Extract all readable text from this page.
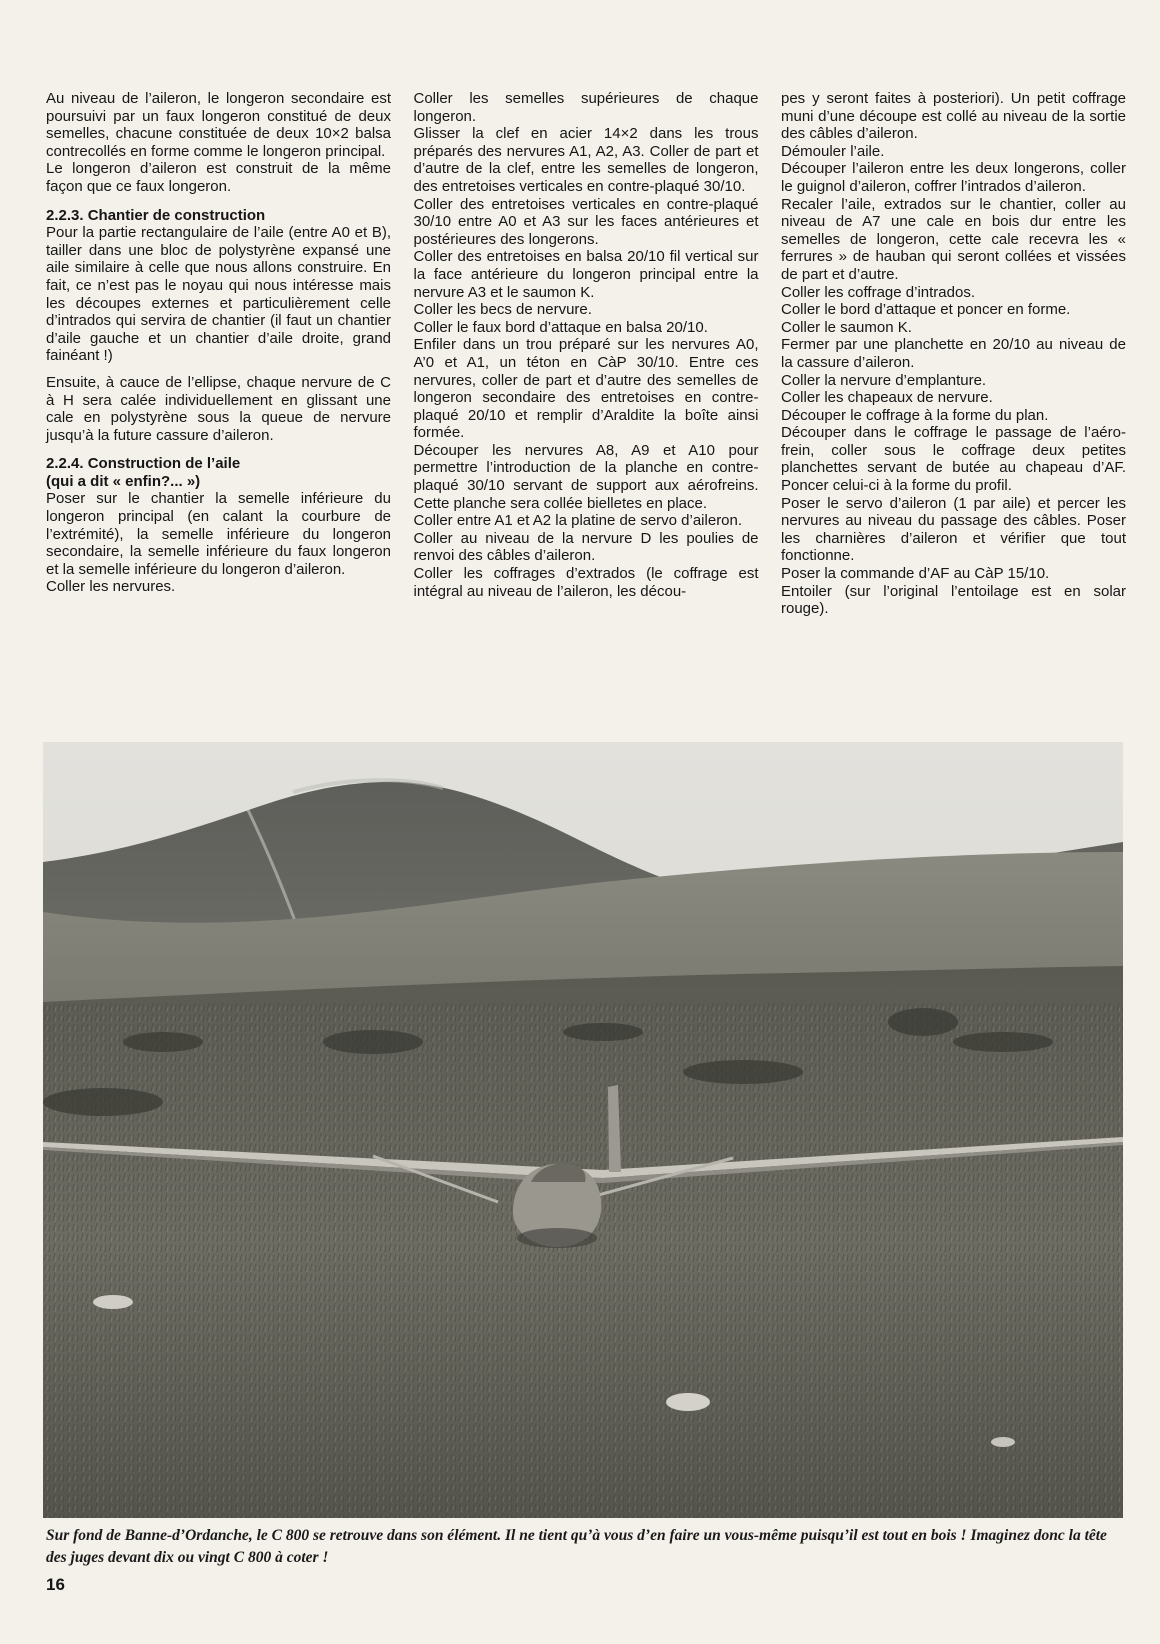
Au niveau de l’aileron, le longeron secondaire est poursuivi par un faux longeron constitué de deux semelles, chacune constituée de deux 10×2 balsa contrecollés en forme comme le longeron principal.

Le longeron d’aileron est construit de la même façon que ce faux longeron.

2.2.3. Chantier de construction

Pour la partie rectangulaire de l’aile (entre A0 et B), tailler dans une bloc de polystyrène expansé une aile similaire à celle que nous allons construire. En fait, ce n’est pas le noyau qui nous intéresse mais les découpes externes et particulièrement celle d’intrados qui servira de chantier (il faut un chantier d’aile gauche et un chantier d’aile droite, grand fainéant !)

Ensuite, à cauce de l’ellipse, chaque nervure de C à H sera calée individuellement en glissant une cale en polystyrène sous la queue de nervure jusqu’à la future cassure d’aileron.

2.2.4. Construction de l’aile
(qui a dit « enfin?... »)

Poser sur le chantier la semelle inférieure du longeron principal (en calant la courbure de l’extrémité), la semelle inférieure du longeron secondaire, la semelle inférieure du faux longeron et la semelle inférieure du longeron d’aileron.

Coller les nervures.

Coller les semelles supérieures de chaque longeron.

Glisser la clef en acier 14×2 dans les trous préparés des nervures A1, A2, A3. Coller de part et d’autre de la clef, entre les semelles de longeron, des entretoises verticales en contre-plaqué 30/10.

Coller des entretoises verticales en contre-plaqué 30/10 entre A0 et A3 sur les faces antérieures et postérieures des longerons.

Coller des entretoises en balsa 20/10 fil vertical sur la face antérieure du longeron principal entre la nervure A3 et le saumon K.

Coller les becs de nervure.

Coller le faux bord d’attaque en balsa 20/10.

Enfiler dans un trou préparé sur les nervures A0, A’0 et A1, un téton en CàP 30/10. Entre ces nervures, coller de part et d’autre des semelles de longeron secondaire des entretoises en contre-plaqué 20/10 et remplir d’Araldite la boîte ainsi formée.

Découper les nervures A8, A9 et A10 pour permettre l’introduction de la planche en contre-plaqué 30/10 servant de support aux aérofreins. Cette planche sera collée bielletes en place.

Coller entre A1 et A2 la platine de servo d’aileron.

Coller au niveau de la nervure D les poulies de renvoi des câbles d’aileron.

Coller les coffrages d’extrados (le coffrage est intégral au niveau de l’aileron, les décou-

pes y seront faites à posteriori). Un petit coffrage muni d’une découpe est collé au niveau de la sortie des câbles d’aileron.

Démouler l’aile.

Découper l’aileron entre les deux longerons, coller le guignol d’aileron, coffrer l’intrados d’aileron.

Recaler l’aile, extrados sur le chantier, coller au niveau de A7 une cale en bois dur entre les semelles de longeron, cette cale recevra les « ferrures » de hauban qui seront collées et vissées de part et d’autre.

Coller les coffrage d’intrados.

Coller le bord d’attaque et poncer en forme.

Coller le saumon K.

Fermer par une planchette en 20/10 au niveau de la cassure d’aileron.

Coller la nervure d’emplanture.

Coller les chapeaux de nervure.

Découper le coffrage à la forme du plan.

Découper dans le coffrage le passage de l’aéro-frein, coller sous le coffrage deux petites planchettes servant de butée au chapeau d’AF. Poncer celui-ci à la forme du profil.

Poser le servo d’aileron (1 par aile) et percer les nervures au niveau du passage des câbles. Poser les charnières d’aileron et vérifier que tout fonctionne.

Poser la commande d’AF au CàP 15/10.

Entoiler (sur l’original l’entoilage est en solar rouge).

Sur fond de Banne-d’Ordanche, le C 800 se retrouve dans son élément. Il ne tient qu’à vous d’en faire un vous-même puisqu’il est tout en bois ! Imaginez donc la tête des juges devant dix ou vingt C 800 à coter !
16
